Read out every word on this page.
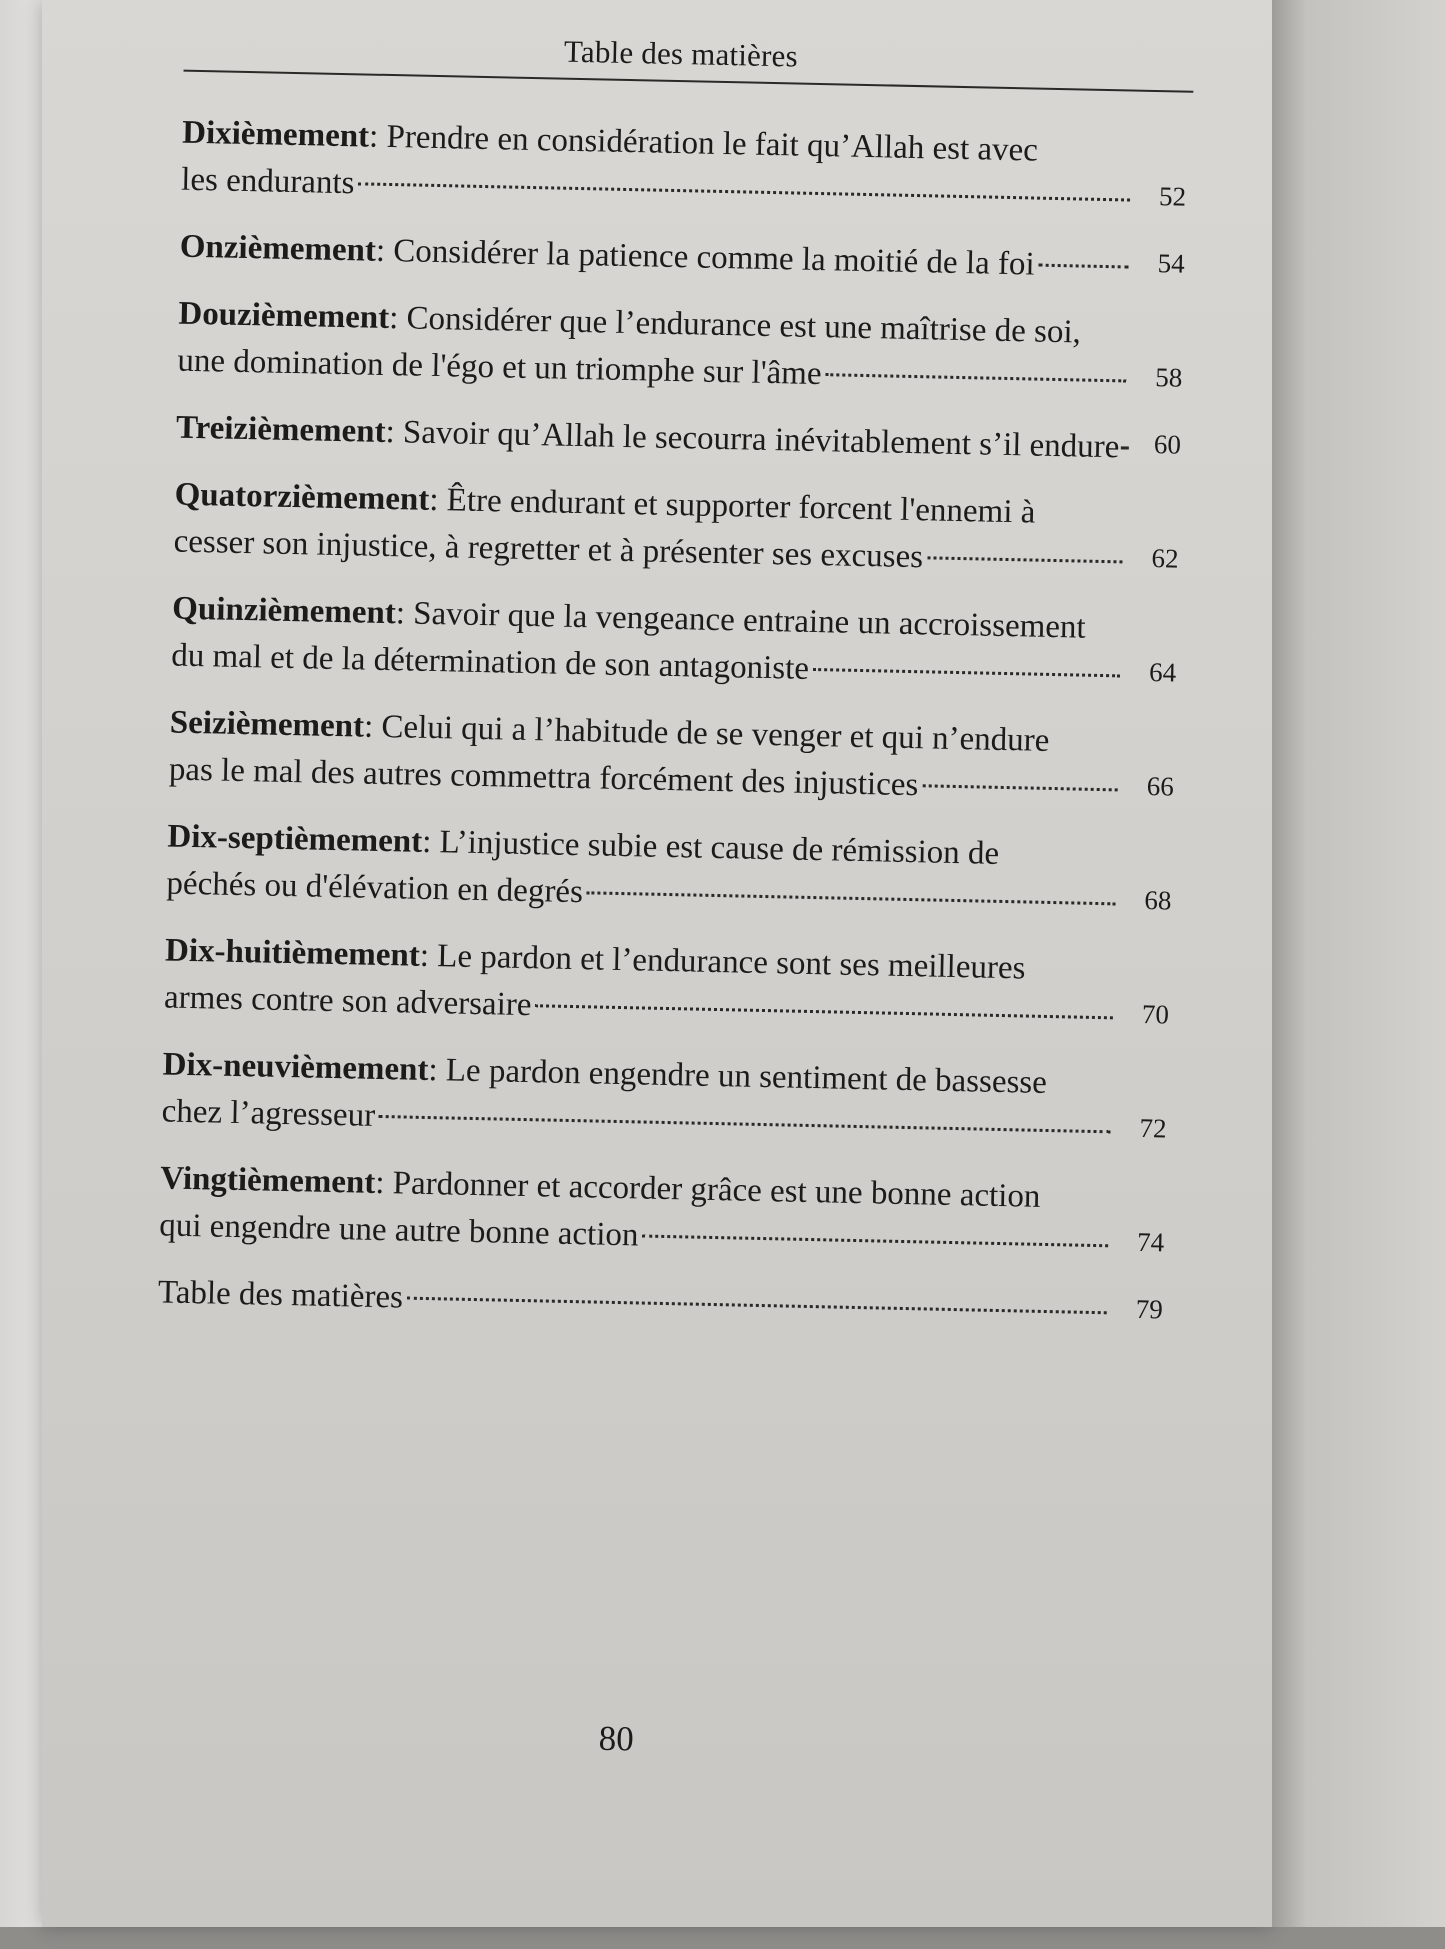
Table des matières
Dixièmement: Prendre en considération le fait qu’Allah est avec
les endurants	52
Onzièmement : Considérer la patience comme la moitié de la foi	54
Douzièmement: Considérer que l’endurance est une maîtrise de soi,
une domination de l'égo et un triomphe sur l'âme	58
Treizièmement : Savoir qu’Allah le secourra inévitablement s’il endure 60
Quatorzièmement: Être endurant et supporter forcent l'ennemi à
cesser son injustice, à regretter et à présenter ses excuses	62
Quinzièmement: Savoir que la vengeance entraine un accroissement
du mal et de la détermination de son antagoniste	64
Seizièmement: Celui qui a l’habitude de se venger et qui n’endure
pas le mal des autres commettra forcément des injustices	66
Dix-septièmement: L’injustice subie est cause de rémission de
péchés ou d'élévation en degrés	68
Dix-huitièmement: Le pardon et l’endurance sont ses meilleures
armes contre son adversaire	70
Dix-neuvièmement: Le pardon engendre un sentiment de bassesse
chez l’agresseur	72
Vingtièmement: Pardonner et accorder grâce est une bonne action
qui engendre une autre bonne action	74
Table des matières	79
80
